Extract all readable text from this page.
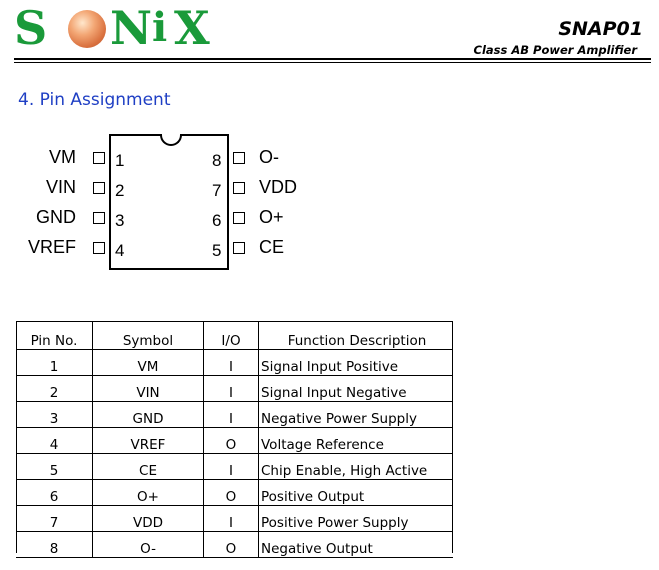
S N i X	SNAP01
Class AB Power Amplifier
4. Pin Assignment
VM 1
VIN 2
GND 3
VREF 4
8 O-
7 VDD
6 O+
5 CE
Pin No.	Symbol	I/O	Function Description
1	VM	I	Signal Input Positive
2	VIN	I	Signal Input Negative
3	GND	I	Negative Power Supply
4	VREF	O	Voltage Reference
5	CE	I	Chip Enable, High Active
6	O+	O	Positive Output
7	VDD	I	Positive Power Supply
8	O-	O	Negative Output
